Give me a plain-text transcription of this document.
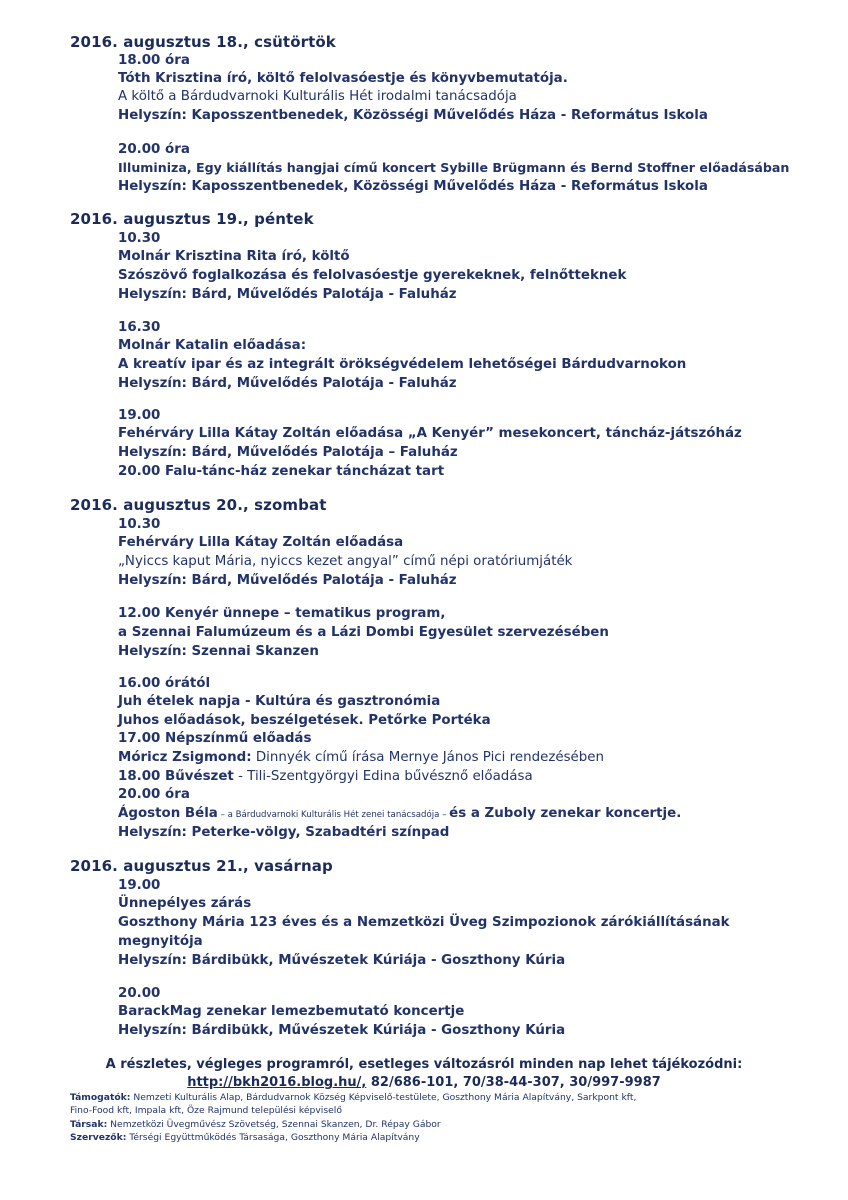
2016. augusztus 18., csütörtök
18.00 óra
Tóth Krisztina író, költő felolvasóestje és könyvbemutatója.
A költő a Bárdudvarnoki Kulturális Hét irodalmi tanácsadója
Helyszín: Kaposszentbenedek, Közösségi Művelődés Háza - Református Iskola
20.00 óra
Illuminiza, Egy kiállítás hangjai című koncert Sybille Brügmann és Bernd Stoffner előadásában
Helyszín: Kaposszentbenedek, Közösségi Művelődés Háza - Református Iskola
2016. augusztus 19., péntek
10.30
Molnár Krisztina Rita író, költő
Szószövő foglalkozása és felolvasóestje gyerekeknek, felnőtteknek
Helyszín: Bárd, Művelődés Palotája - Faluház
16.30
Molnár Katalin előadása:
A kreatív ipar és az integrált örökségvédelem lehetőségei Bárdudvarnokon
Helyszín: Bárd, Művelődés Palotája - Faluház
19.00
Fehérváry Lilla Kátay Zoltán előadása „A Kenyér” mesekoncert, táncház-játszóház
Helyszín: Bárd, Művelődés Palotája – Faluház
20.00 Falu-tánc-ház zenekar táncházat tart
2016. augusztus 20., szombat
10.30
Fehérváry Lilla Kátay Zoltán előadása
„Nyiccs kaput Mária, nyiccs kezet angyal” című népi oratóriumjáték
Helyszín: Bárd, Művelődés Palotája - Faluház
12.00 Kenyér ünnepe – tematikus program,
a Szennai Falumúzeum és a Lázi Dombi Egyesület szervezésében
Helyszín: Szennai Skanzen
16.00 órától
Juh ételek napja - Kultúra és gasztronómia
Juhos előadások, beszélgetések. Petőrke Portéka
17.00 Népszínmű előadás
Móricz Zsigmond: Dinnyék című írása Mernye János Pici rendezésében
18.00 Bűvészet - Tili-Szentgyörgyi Edina bűvésznő előadása
20.00 óra
Ágoston Béla – a Bárdudvarnoki Kulturális Hét zenei tanácsadója – és a Zuboly zenekar koncertje.
Helyszín: Peterke-völgy, Szabadtéri színpad
2016. augusztus 21., vasárnap
19.00
Ünnepélyes zárás
Goszthony Mária 123 éves és a Nemzetközi Üveg Szimpozionok zárókiállításának
megnyitója
Helyszín: Bárdibükk, Művészetek Kúriája - Goszthony Kúria
20.00
BarackMag zenekar lemezbemutató koncertje
Helyszín: Bárdibükk, Művészetek Kúriája - Goszthony Kúria
A részletes, végleges programról, esetleges változásról minden nap lehet tájékozódni:
http://bkh2016.blog.hu/, 82/686-101, 70/38-44-307, 30/997-9987
Támogatók: Nemzeti Kulturális Alap, Bárdudvarnok Község Képviselő-testülete, Goszthony Mária Alapítvány, Sarkpont kft,
Fino-Food kft, Impala kft, Öze Rajmund települési képviselő
Társak: Nemzetközi Üvegművész Szövetség, Szennai Skanzen, Dr. Répay Gábor
Szervezők: Térségi Együttműködés Társasága, Goszthony Mária Alapítvány
